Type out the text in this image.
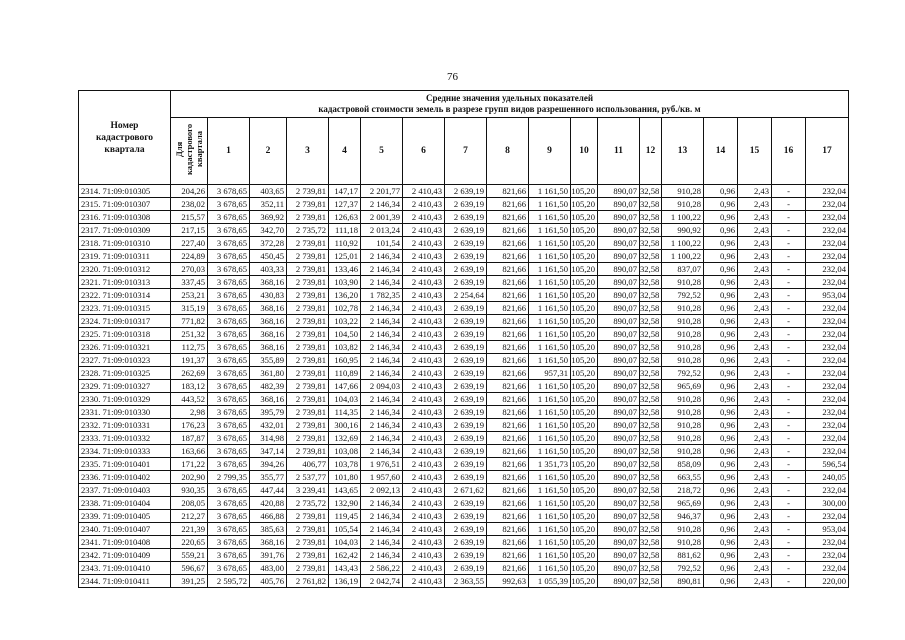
76
Номер кадастрового квартала	Средние значения удельных показателей
кадастровой стоимости земель в разрезе групп видов разрешенного использования, руб./кв. м																	

	Для кадастрового квартала	1	2	3	4	5	6	7	8	9	10	11	12	13	14	15	16	17
2314. 71:09:010305	204,26	3 678,65	403,65	2 739,81	147,17	2 201,77	2 410,43	2 639,19	821,66	1 161,50	105,20	890,07	32,58	910,28	0,96	2,43	-	232,04
2315. 71:09:010307	238,02	3 678,65	352,11	2 739,81	127,37	2 146,34	2 410,43	2 639,19	821,66	1 161,50	105,20	890,07	32,58	910,28	0,96	2,43	-	232,04
2316. 71:09:010308	215,57	3 678,65	369,92	2 739,81	126,63	2 001,39	2 410,43	2 639,19	821,66	1 161,50	105,20	890,07	32,58	1 100,22	0,96	2,43	-	232,04
2317. 71:09:010309	217,15	3 678,65	342,70	2 735,72	111,18	2 013,24	2 410,43	2 639,19	821,66	1 161,50	105,20	890,07	32,58	990,92	0,96	2,43	-	232,04
2318. 71:09:010310	227,40	3 678,65	372,28	2 739,81	110,92	101,54	2 410,43	2 639,19	821,66	1 161,50	105,20	890,07	32,58	1 100,22	0,96	2,43	-	232,04
2319. 71:09:010311	224,89	3 678,65	450,45	2 739,81	125,01	2 146,34	2 410,43	2 639,19	821,66	1 161,50	105,20	890,07	32,58	1 100,22	0,96	2,43	-	232,04
2320. 71:09:010312	270,03	3 678,65	403,33	2 739,81	133,46	2 146,34	2 410,43	2 639,19	821,66	1 161,50	105,20	890,07	32,58	837,07	0,96	2,43	-	232,04
2321. 71:09:010313	337,45	3 678,65	368,16	2 739,81	103,90	2 146,34	2 410,43	2 639,19	821,66	1 161,50	105,20	890,07	32,58	910,28	0,96	2,43	-	232,04
2322. 71:09:010314	253,21	3 678,65	430,83	2 739,81	136,20	1 782,35	2 410,43	2 254,64	821,66	1 161,50	105,20	890,07	32,58	792,52	0,96	2,43	-	953,04
2323. 71:09:010315	315,19	3 678,65	368,16	2 739,81	102,78	2 146,34	2 410,43	2 639,19	821,66	1 161,50	105,20	890,07	32,58	910,28	0,96	2,43	-	232,04
2324. 71:09:010317	771,82	3 678,65	368,16	2 739,81	103,22	2 146,34	2 410,43	2 639,19	821,66	1 161,50	105,20	890,07	32,58	910,28	0,96	2,43	-	232,04
2325. 71:09:010318	251,32	3 678,65	368,16	2 739,81	104,50	2 146,34	2 410,43	2 639,19	821,66	1 161,50	105,20	890,07	32,58	910,28	0,96	2,43	-	232,04
2326. 71:09:010321	112,75	3 678,65	368,16	2 739,81	103,82	2 146,34	2 410,43	2 639,19	821,66	1 161,50	105,20	890,07	32,58	910,28	0,96	2,43	-	232,04
2327. 71:09:010323	191,37	3 678,65	355,89	2 739,81	160,95	2 146,34	2 410,43	2 639,19	821,66	1 161,50	105,20	890,07	32,58	910,28	0,96	2,43	-	232,04
2328. 71:09:010325	262,69	3 678,65	361,80	2 739,81	110,89	2 146,34	2 410,43	2 639,19	821,66	957,31	105,20	890,07	32,58	792,52	0,96	2,43	-	232,04
2329. 71:09:010327	183,12	3 678,65	482,39	2 739,81	147,66	2 094,03	2 410,43	2 639,19	821,66	1 161,50	105,20	890,07	32,58	965,69	0,96	2,43	-	232,04
2330. 71:09:010329	443,52	3 678,65	368,16	2 739,81	104,03	2 146,34	2 410,43	2 639,19	821,66	1 161,50	105,20	890,07	32,58	910,28	0,96	2,43	-	232,04
2331. 71:09:010330	2,98	3 678,65	395,79	2 739,81	114,35	2 146,34	2 410,43	2 639,19	821,66	1 161,50	105,20	890,07	32,58	910,28	0,96	2,43	-	232,04
2332. 71:09:010331	176,23	3 678,65	432,01	2 739,81	300,16	2 146,34	2 410,43	2 639,19	821,66	1 161,50	105,20	890,07	32,58	910,28	0,96	2,43	-	232,04
2333. 71:09:010332	187,87	3 678,65	314,98	2 739,81	132,69	2 146,34	2 410,43	2 639,19	821,66	1 161,50	105,20	890,07	32,58	910,28	0,96	2,43	-	232,04
2334. 71:09:010333	163,66	3 678,65	347,14	2 739,81	103,08	2 146,34	2 410,43	2 639,19	821,66	1 161,50	105,20	890,07	32,58	910,28	0,96	2,43	-	232,04
2335. 71:09:010401	171,22	3 678,65	394,26	406,77	103,78	1 976,51	2 410,43	2 639,19	821,66	1 351,73	105,20	890,07	32,58	858,09	0,96	2,43	-	596,54
2336. 71:09:010402	202,90	2 799,35	355,77	2 537,77	101,80	1 957,60	2 410,43	2 639,19	821,66	1 161,50	105,20	890,07	32,58	663,55	0,96	2,43	-	240,05
2337. 71:09:010403	930,35	3 678,65	447,44	3 239,41	143,65	2 092,13	2 410,43	2 671,62	821,66	1 161,50	105,20	890,07	32,58	218,72	0,96	2,43	-	232,04
2338. 71:09:010404	208,05	3 678,65	420,88	2 735,72	132,90	2 146,34	2 410,43	2 639,19	821,66	1 161,50	105,20	890,07	32,58	965,69	0,96	2,43	-	300,00
2339. 71:09:010405	212,27	3 678,65	466,88	2 739,81	119,45	2 146,34	2 410,43	2 639,19	821,66	1 161,50	105,20	890,07	32,58	946,37	0,96	2,43	-	232,04
2340. 71:09:010407	221,39	3 678,65	385,63	2 739,81	105,54	2 146,34	2 410,43	2 639,19	821,66	1 161,50	105,20	890,07	32,58	910,28	0,96	2,43	-	953,04
2341. 71:09:010408	220,65	3 678,65	368,16	2 739,81	104,03	2 146,34	2 410,43	2 639,19	821,66	1 161,50	105,20	890,07	32,58	910,28	0,96	2,43	-	232,04
2342. 71:09:010409	559,21	3 678,65	391,76	2 739,81	162,42	2 146,34	2 410,43	2 639,19	821,66	1 161,50	105,20	890,07	32,58	881,62	0,96	2,43	-	232,04
2343. 71:09:010410	596,67	3 678,65	483,00	2 739,81	143,43	2 586,22	2 410,43	2 639,19	821,66	1 161,50	105,20	890,07	32,58	792,52	0,96	2,43	-	232,04
2344. 71:09:010411	391,25	2 595,72	405,76	2 761,82	136,19	2 042,74	2 410,43	2 363,55	992,63	1 055,39	105,20	890,07	32,58	890,81	0,96	2,43	-	220,00
